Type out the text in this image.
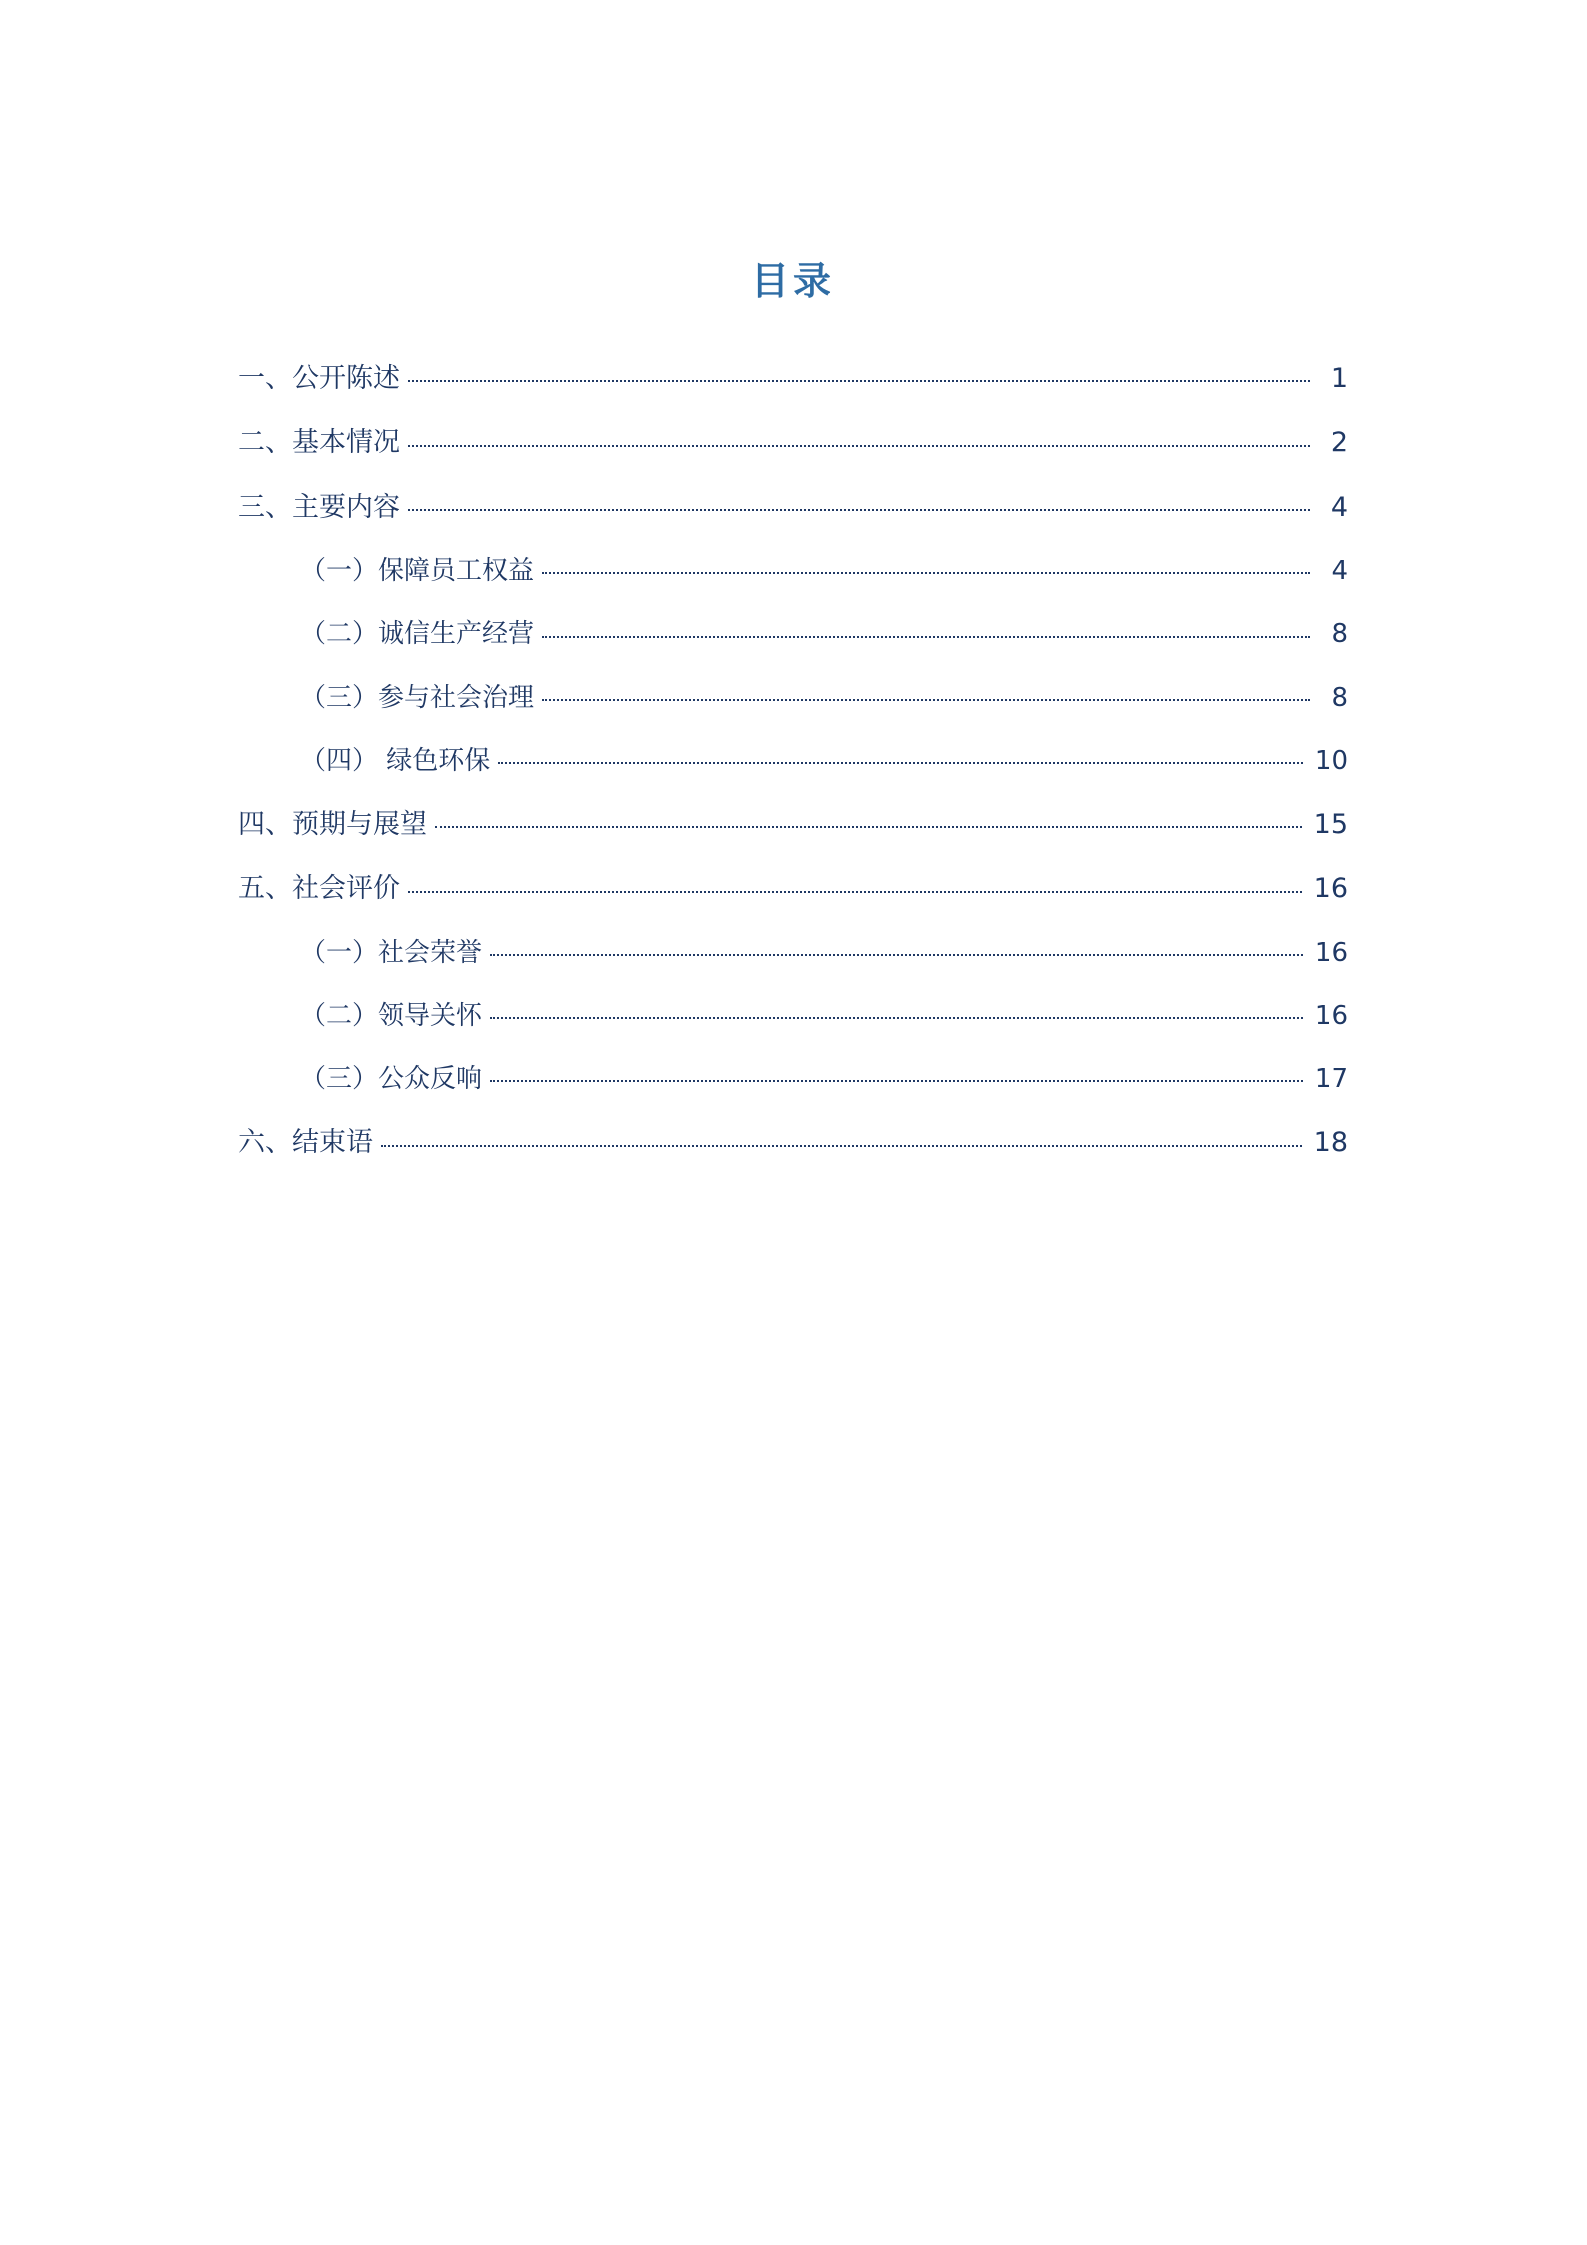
目录
一、公开陈述	1
二、基本情况	2
三、主要内容	4
（一）保障员工权益	4
（二）诚信生产经营	8
（三）参与社会治理	8
（四） 绿色环保	10
四、预期与展望	15
五、社会评价	16
（一）社会荣誉	16
（二）领导关怀	16
（三）公众反响	17
六、结束语	18
